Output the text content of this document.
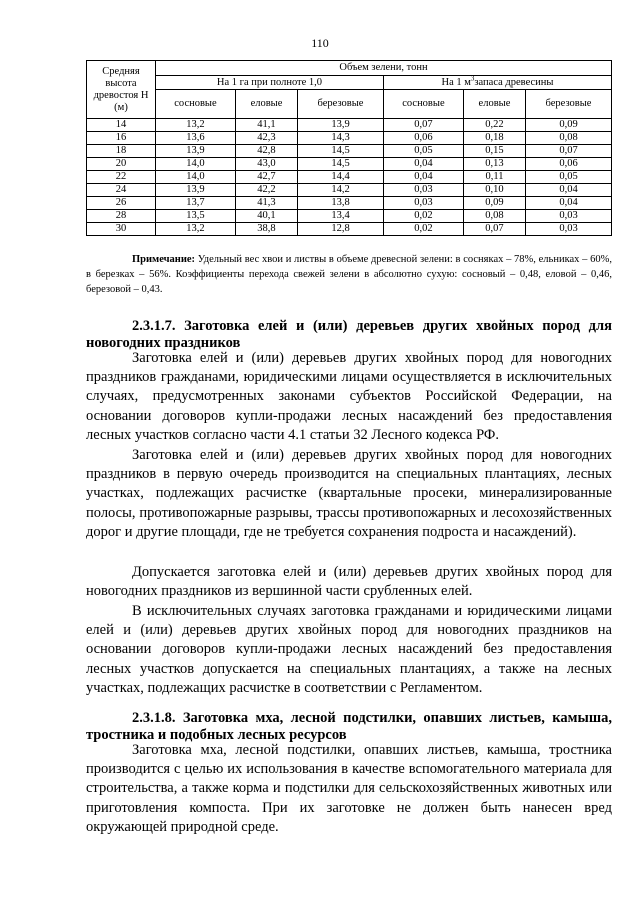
110
Средняя высота древостоя Н (м)	Объем зелени, тонн					
	На 1 га при полноте 1,0			На 1 $м^3запаса$ древесины		
	сосновые	еловые	березовые	сосновые	еловые	березовые
14	13,2	41,1	13,9	0,07	0,22	0,09
16	13,6	42,3	14,3	0,06	0,18	0,08
18	13,9	42,8	14,5	0,05	0,15	0,07
20	14,0	43,0	14,5	0,04	0,13	0,06
22	14,0	42,7	14,4	0,04	0,11	0,05
24	13,9	42,2	14,2	0,03	0,10	0,04
26	13,7	41,3	13,8	0,03	0,09	0,04
28	13,5	40,1	13,4	0,02	0,08	0,03
30	13,2	38,8	12,8	0,02	0,07	0,03
Примечание: Удельный вес хвои и листвы в объеме древесной зелени: в сосняках – 78%, ельниках – 60%, в березках – 56%. Коэффициенты перехода свежей зелени в абсолютно сухую: сосновый – 0,48, еловой – 0,46, березовой – 0,43.
2.3.1.7. Заготовка елей и (или) деревьев других хвойных пород для новогодних праздников

Заготовка елей и (или) деревьев других хвойных пород для новогодних праздников гражданами, юридическими лицами осуществляется в исключительных случаях, предусмотренных законами субъектов Российской Федерации, на основании договоров купли-продажи лесных насаждений без предоставления лесных участков согласно части 4.1 статьи 32 Лесного кодекса РФ.

Заготовка елей и (или) деревьев других хвойных пород для новогодних праздников в первую очередь производится на специальных плантациях, лесных участках, подлежащих расчистке (квартальные просеки, минерализированные полосы, противопожарные разрывы, трассы противопожарных и лесохозяйственных дорог и другие площади, где не требуется сохранения подроста и насаждений).

Допускается заготовка елей и (или) деревьев других хвойных пород для новогодних праздников из вершинной части срубленных елей.

В исключительных случаях заготовка гражданами и юридическими лицами елей и (или) деревьев других хвойных пород для новогодних праздников на основании договоров купли-продажи лесных насаждений без предоставления лесных участков допускается на специальных плантациях, а также на лесных участках, подлежащих расчистке в соответствии с Регламентом.

2.3.1.8. Заготовка мха, лесной подстилки, опавших листьев, камыша, тростника и подобных лесных ресурсов

Заготовка мха, лесной подстилки, опавших листьев, камыша, тростника производится с целью их использования в качестве вспомогательного материала для строительства, а также корма и подстилки для сельскохозяйственных животных или приготовления компоста. При их заготовке не должен быть нанесен вред окружающей природной среде.
